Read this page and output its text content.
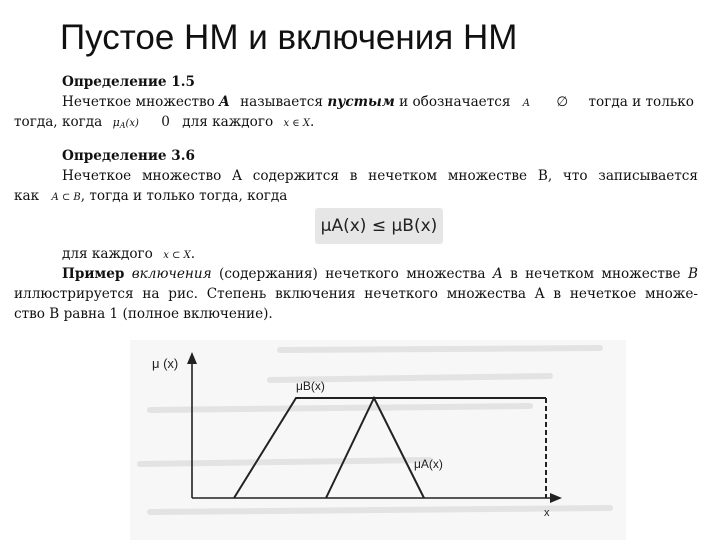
Пустое НМ и включения НМ
Определение 1.5
Нечеткое множество A называется пустым и обозначается A ∅ тогда и только
тогда, когда μA(x) 0 для каждого x ∈ X.
Определение 3.6
Нечеткое множество A содержится в нечетком множестве B, что записывается
как A ⊂ B, тогда и только тогда, когда
для каждого x ⊂ X.
Пример включения (содержания) нечеткого множества A в нечетком множестве B
иллюстрируется на рис. Степень включения нечеткого множества A в нечеткое множе-
ство B равна 1 (полное включение).
μA(x) ≤ μB(x)
μ (x)
x
μB(x)
μA(x)
